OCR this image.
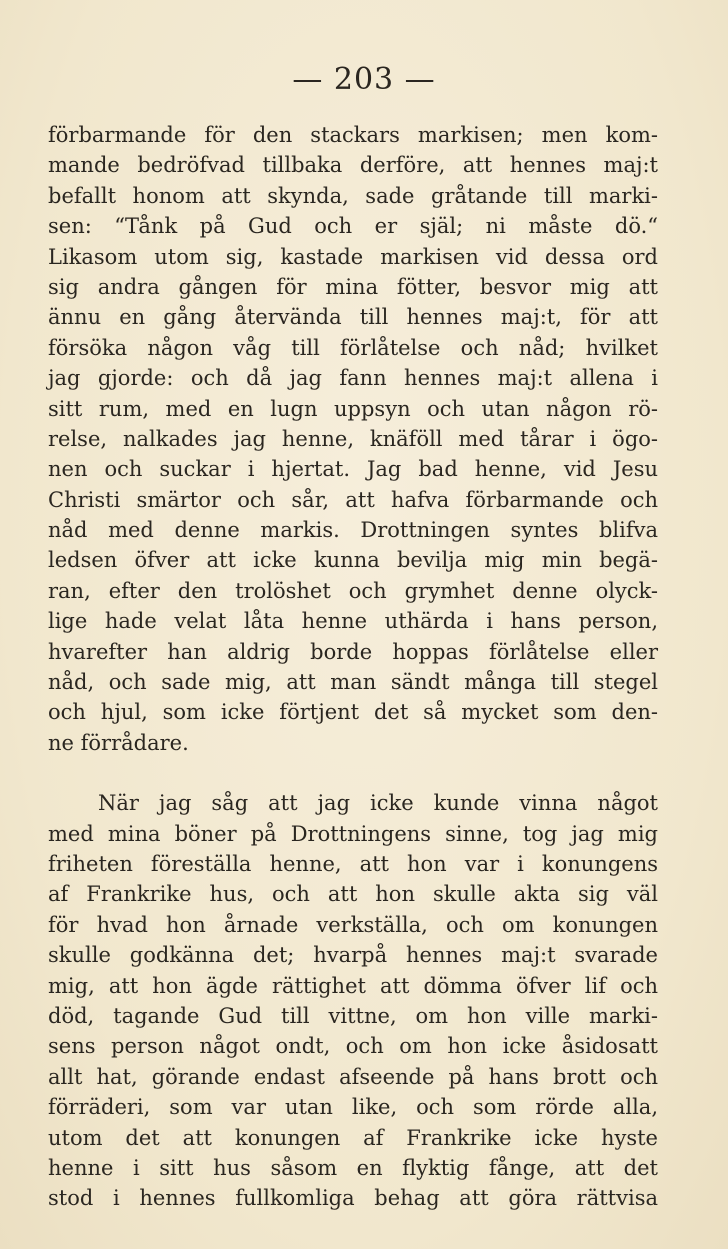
— 203 —
förbarmande för den stackars markisen; men kom-
mande bedröfvad tillbaka derföre, att hennes maj:t
befallt honom att skynda, sade gråtande till marki-
sen: “Tånk på Gud och er själ; ni måste dö.“
Likasom utom sig, kastade markisen vid dessa ord
sig andra gången för mina fötter, besvor mig att
ännu en gång återvända till hennes maj:t, för att
försöka någon våg till förlåtelse och nåd; hvilket
jag gjorde: och då jag fann hennes maj:t allena i
sitt rum, med en lugn uppsyn och utan någon rö-
relse, nalkades jag henne, knäföll med tårar i ögo-
nen och suckar i hjertat. Jag bad henne, vid Jesu
Christi smärtor och sår, att hafva förbarmande och
nåd med denne markis. Drottningen syntes blifva
ledsen öfver att icke kunna bevilja mig min begä-
ran, efter den trolöshet och grymhet denne olyck-
lige hade velat låta henne uthärda i hans person,
hvarefter han aldrig borde hoppas förlåtelse eller
nåd, och sade mig, att man sändt många till stegel
och hjul, som icke förtjent det så mycket som den-
ne förrådare.
När jag såg att jag icke kunde vinna något
med mina böner på Drottningens sinne, tog jag mig
friheten föreställa henne, att hon var i konungens
af Frankrike hus, och att hon skulle akta sig väl
för hvad hon årnade verkställa, och om konungen
skulle godkänna det; hvarpå hennes maj:t svarade
mig, att hon ägde rättighet att dömma öfver lif och
död, tagande Gud till vittne, om hon ville marki-
sens person något ondt, och om hon icke åsidosatt
allt hat, görande endast afseende på hans brott och
förräderi, som var utan like, och som rörde alla,
utom det att konungen af Frankrike icke hyste
henne i sitt hus såsom en flyktig fånge, att det
stod i hennes fullkomliga behag att göra rättvisa
